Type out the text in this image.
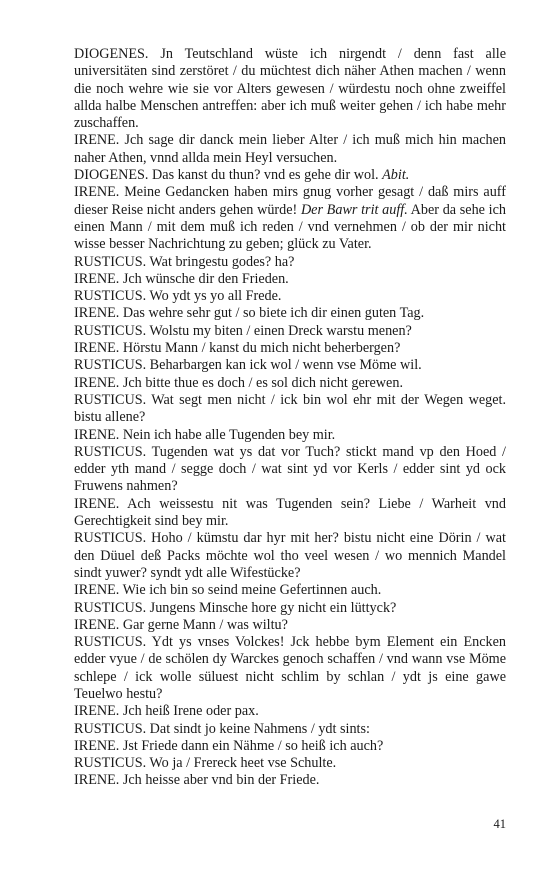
DIOGENES. Jn Teutschland wüste ich nirgendt / denn fast alle universitäten sind zerstöret / du müchtest dich näher Athen machen / wenn die noch wehre wie sie vor Alters gewesen / würdestu noch ohne zweiffel allda halbe Menschen antreffen: aber ich muß weiter gehen / ich habe mehr zuschaffen.

IRENE. Jch sage dir danck mein lieber Alter / ich muß mich hin machen naher Athen, vnnd allda mein Heyl versuchen.

DIOGENES. Das kanst du thun? vnd es gehe dir wol. Abit.

IRENE. Meine Gedancken haben mirs gnug vorher gesagt / daß mirs auff dieser Reise nicht anders gehen würde! Der Bawr trit auff. Aber da sehe ich einen Mann / mit dem muß ich reden / vnd vernehmen / ob der mir nicht wisse besser Nachrichtung zu geben; glück zu Vater.

RUSTICUS. Wat bringestu godes? ha?

IRENE. Jch wünsche dir den Frieden.

RUSTICUS. Wo ydt ys yo all Frede.

IRENE. Das wehre sehr gut / so biete ich dir einen guten Tag.

RUSTICUS. Wolstu my biten / einen Dreck warstu menen?

IRENE. Hörstu Mann / kanst du mich nicht beherbergen?

RUSTICUS. Beharbargen kan ick wol / wenn vse Möme wil.

IRENE. Jch bitte thue es doch / es sol dich nicht gerewen.

RUSTICUS. Wat segt men nicht / ick bin wol ehr mit der Wegen weget. bistu allene?

IRENE. Nein ich habe alle Tugenden bey mir.

RUSTICUS. Tugenden wat ys dat vor Tuch? stickt mand vp den Hoed / edder yth mand / segge doch / wat sint yd vor Kerls / edder sint yd ock Fruwens nahmen?

IRENE. Ach weissestu nit was Tugenden sein? Liebe / Warheit vnd Gerechtigkeit sind bey mir.

RUSTICUS. Hoho / kümstu dar hyr mit her? bistu nicht eine Dörin / wat den Düuel deß Packs möchte wol tho veel wesen / wo mennich Mandel sindt yuwer? syndt ydt alle Wifestücke?

IRENE. Wie ich bin so seind meine Gefertinnen auch.

RUSTICUS. Jungens Minsche hore gy nicht ein lüttyck?

IRENE. Gar gerne Mann / was wiltu?

RUSTICUS. Ydt ys vnses Volckes! Jck hebbe bym Element ein Encken edder vyue / de schölen dy Warckes genoch schaffen / vnd wann vse Möme schlepe / ick wolle süluest nicht schlim by schlan / ydt js eine gawe Teuelwo hestu?

IRENE. Jch heiß Irene oder pax.

RUSTICUS. Dat sindt jo keine Nahmens / ydt sints:

IRENE. Jst Friede dann ein Nähme / so heiß ich auch?

RUSTICUS. Wo ja / Frereck heet vse Schulte.

IRENE. Jch heisse aber vnd bin der Friede.

41
